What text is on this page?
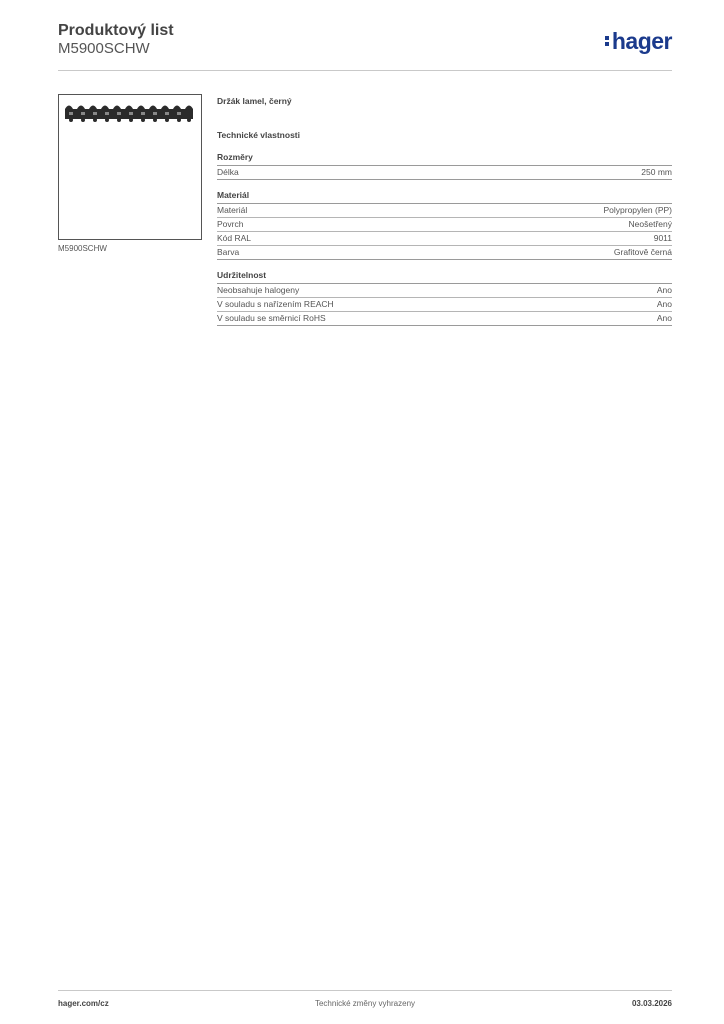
Produktový list
M5900SCHW	hager
M5900SCHW
Držák lamel, černý
Technické vlastnosti
Rozměry
Délka	250 mm
Materiál
Materiál	Polypropylen (PP)
Povrch	Neošetřený
Kód RAL	9011
Barva	Grafitově černá
Udržitelnost
Neobsahuje halogeny	Ano
V souladu s nařízením REACH	Ano
V souladu se směrnicí RoHS	Ano
hager.com/cz	Technické změny vyhrazeny	03.03.2026
